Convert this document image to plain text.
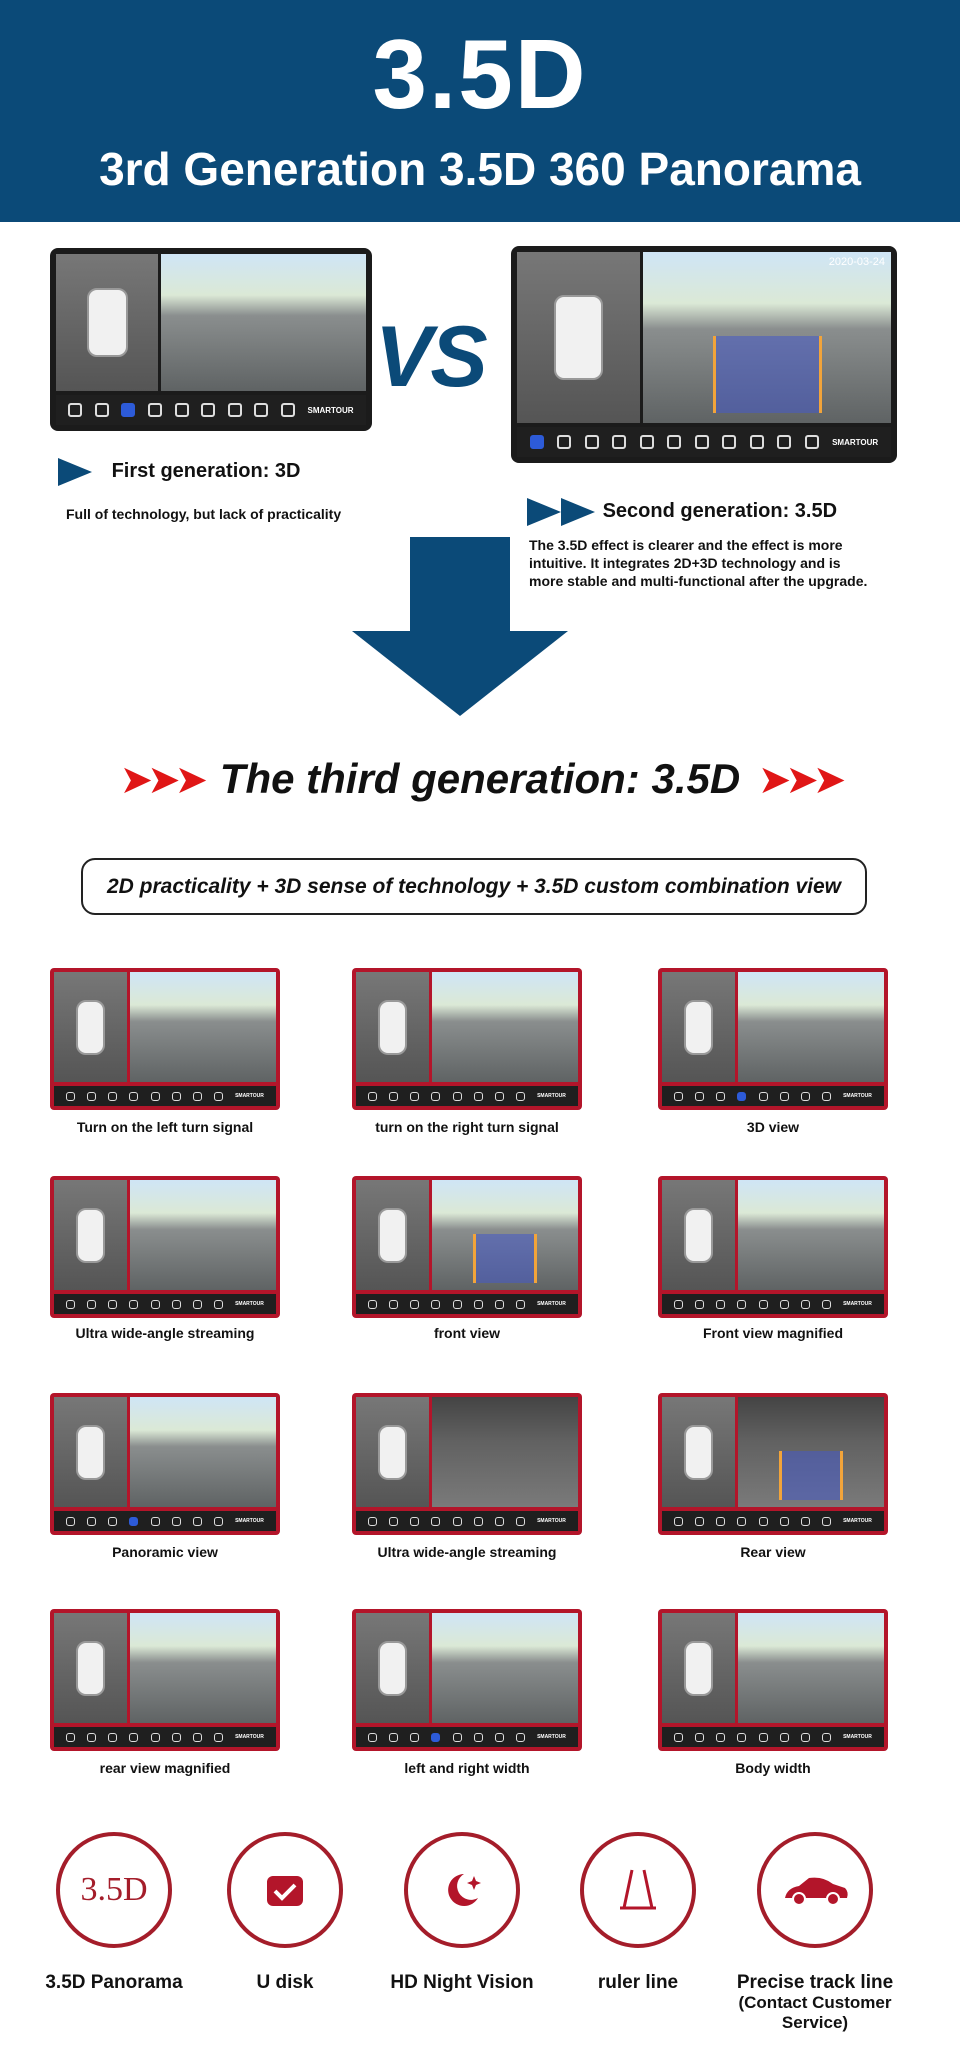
3.5D
3rd Generation 3.5D 360 Panorama
SMARTOUR
VS
2020-03-24
SMARTOUR
First generation: 3D
Full of technology, but lack of practicality	Second generation: 3.5D
The 3.5D effect is clearer and the effect is more
intuitive. It integrates 2D+3D technology and is
more stable and multi-functional after the upgrade.
➤➤➤ The third generation: 3.5D ➤➤➤
2D practicality + 3D sense of technology + 3.5D custom combination view
SMARTOUR
Turn on the left turn signal
SMARTOUR
turn on the right turn signal
SMARTOUR
3D view
SMARTOUR
Ultra wide-angle streaming
SMARTOUR
front view
SMARTOUR
Front view magnified
SMARTOUR
Panoramic view
SMARTOUR
Ultra wide-angle streaming
SMARTOUR
Rear view
SMARTOUR
rear view magnified
SMARTOUR
left and right width
SMARTOUR
Body width
3.5D
3.5D Panorama	U disk	HD Night Vision	ruler line	Precise track line
(Contact Customer Service)
